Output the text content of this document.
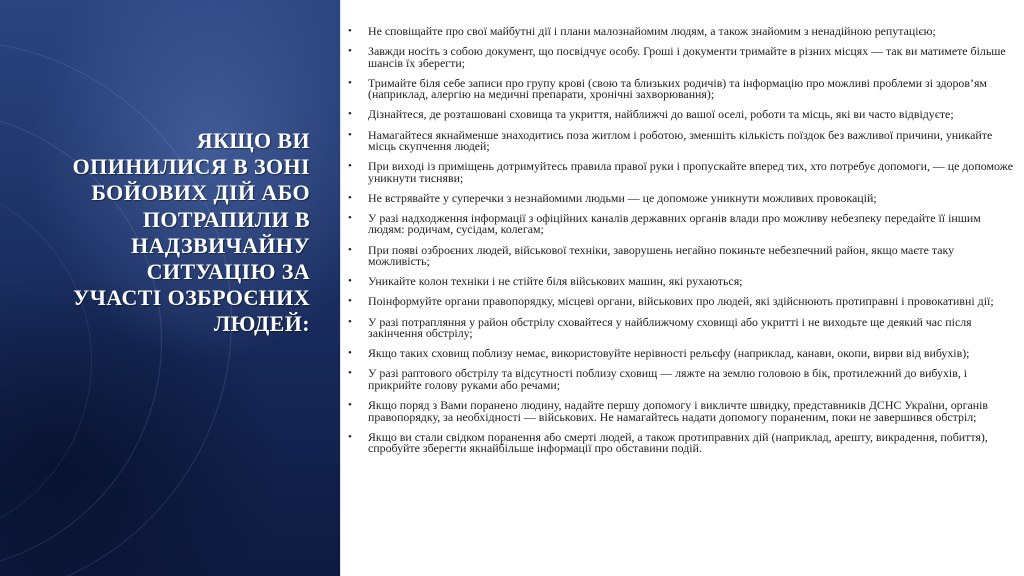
ЯКЩО ВИ
ОПИНИЛИСЯ В ЗОНІ
БОЙОВИХ ДІЙ АБО
ПОТРАПИЛИ В
НАДЗВИЧАЙНУ
СИТУАЦІЮ ЗА
УЧАСТІ ОЗБРОЄНИХ
ЛЮДЕЙ:
• Не сповіщайте про свої майбутні дії і плани малознайомим людям, а також знайомим з ненадійною репутацією;
• Завжди носіть з собою документ, що посвідчує особу. Гроші і документи тримайте в різних місцях — так ви матимете більше шансів їх зберегти;
• Тримайте біля себе записи про групу крові (свою та близьких родичів) та інформацію про можливі проблеми зі здоров’ям (наприклад, алергію на медичні препарати, хронічні захворювання);
• Дізнайтеся, де розташовані сховища та укриття, найближчі до вашої оселі, роботи та місць, які ви часто відвідуєте;
• Намагайтеся якнайменше знаходитись поза житлом і роботою, зменшіть кількість поїздок без важливої причини, уникайте місць скупчення людей;
• При виході із приміщень дотримуйтесь правила правої руки і пропускайте вперед тих, хто потребує допомоги, — це допоможе уникнути тисняви;
• Не встрявайте у суперечки з незнайомими людьми — це допоможе уникнути можливих провокацій;
• У разі надходження інформації з офіційних каналів державних органів влади про можливу небезпеку передайте її іншим людям: родичам, сусідам, колегам;
• При появі озброєних людей, військової техніки, заворушень негайно покиньте небезпечний район, якщо маєте таку можливість;
• Уникайте колон техніки і не стійте біля військових машин, які рухаються;
• Поінформуйте органи правопорядку, місцеві органи, військових про людей, які здійснюють протиправні і провокативні дії;
• У разі потрапляння у район обстрілу сховайтеся у найближчому сховищі або укритті і не виходьте ще деякий час після закінчення обстрілу;
• Якщо таких сховищ поблизу немає, використовуйте нерівності рельєфу (наприклад, канави, окопи, вирви від вибухів);
• У разі раптового обстрілу та відсутності поблизу сховищ — ляжте на землю головою в бік, протилежний до вибухів, і прикрийте голову руками або речами;
• Якщо поряд з Вами поранено людину, надайте першу допомогу і викличте швидку, представників ДСНС України, органів правопорядку, за необхідності — військових. Не намагайтесь надати допомогу пораненим, поки не завершився обстріл;
• Якщо ви стали свідком поранення або смерті людей, а також протиправних дій (наприклад, арешту, викрадення, побиття), спробуйте зберегти якнайбільше інформації про обставини подій.
